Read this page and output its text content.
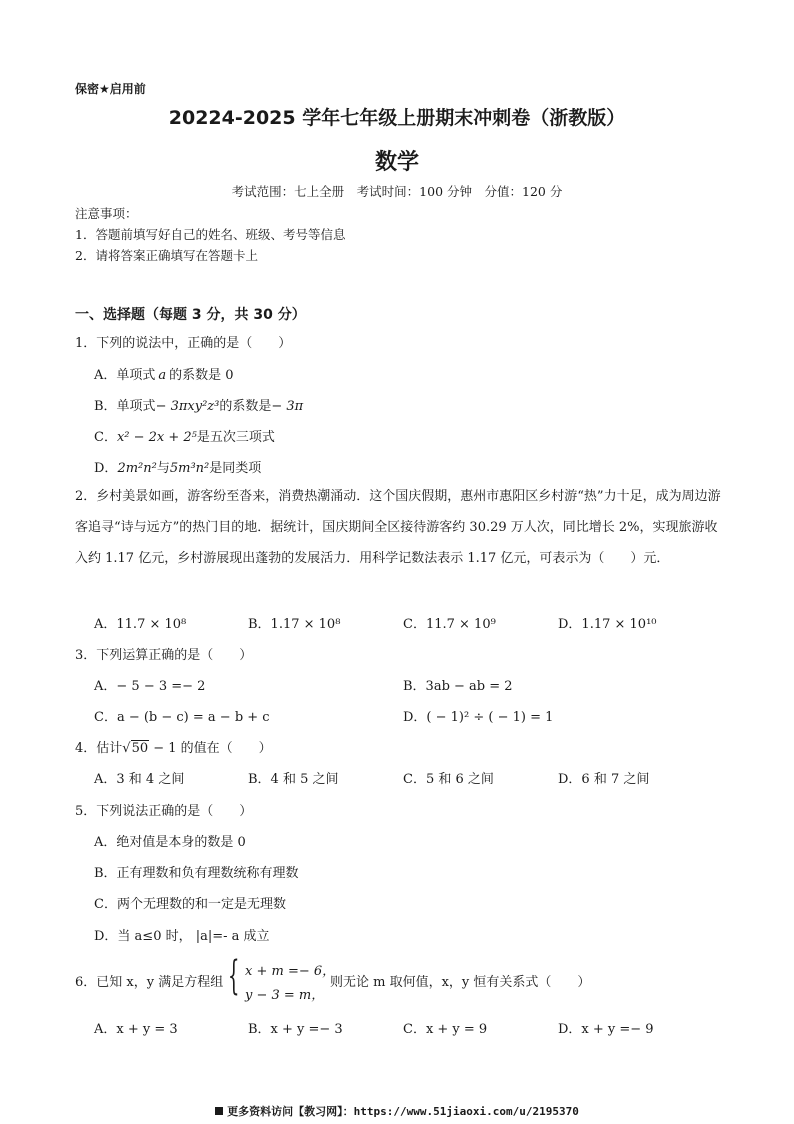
保密★启用前
20224-2025 学年七年级上册期末冲刺卷（浙教版）
数学
考试范围：七上全册　考试时间：100 分钟　分值：120 分
注意事项：
1．答题前填写好自己的姓名、班级、考号等信息
2．请将答案正确填写在答题卡上
一、选择题（每题 3 分，共 30 分）
1．下列的说法中，正确的是（　　）
A．单项式 a 的系数是 0
B．单项式− 3πxy²z³的系数是− 3π
C．x² − 2x + 2⁵是五次三项式
D．2m²n²与5m³n²是同类项
2．乡村美景如画，游客纷至沓来，消费热潮涌动．这个国庆假期，惠州市惠阳区乡村游“热”力十足，成为周边游客追寻“诗与远方”的热门目的地．据统计，国庆期间全区接待游客约 30.29 万人次，同比增长 2%，实现旅游收入约 1.17 亿元，乡村游展现出蓬勃的发展活力．用科学记数法表示 1.17 亿元，可表示为（　　）元．
A．11.7 × 10⁸	B．1.17 × 10⁸	C．11.7 × 10⁹	D．1.17 × 10¹⁰
3．下列运算正确的是（　　）
A．− 5 − 3 =− 2	B．3ab − ab = 2
C．a − (b − c) = a − b + c	D．( − 1)² ÷ ( − 1) = 1
4．估计√50 − 1 的值在（　　）
A．3 和 4 之间	B．4 和 5 之间	C．5 和 6 之间	D．6 和 7 之间
5．下列说法正确的是（　　）
A．绝对值是本身的数是 0
B．正有理数和负有理数统称有理数
C．两个无理数的和一定是无理数
D．当 a≤0 时， |a|=- a 成立
6．已知 x，y 满足方程组 { x + m =− 6，
y − 3 = m，
则无论 m 取何值，x，y 恒有关系式（　　）
A．x + y = 3	B．x + y =− 3	C．x + y = 9	D．x + y =− 9
更多资料访问【教习网】：https://www.51jiaoxi.com/u/2195370
